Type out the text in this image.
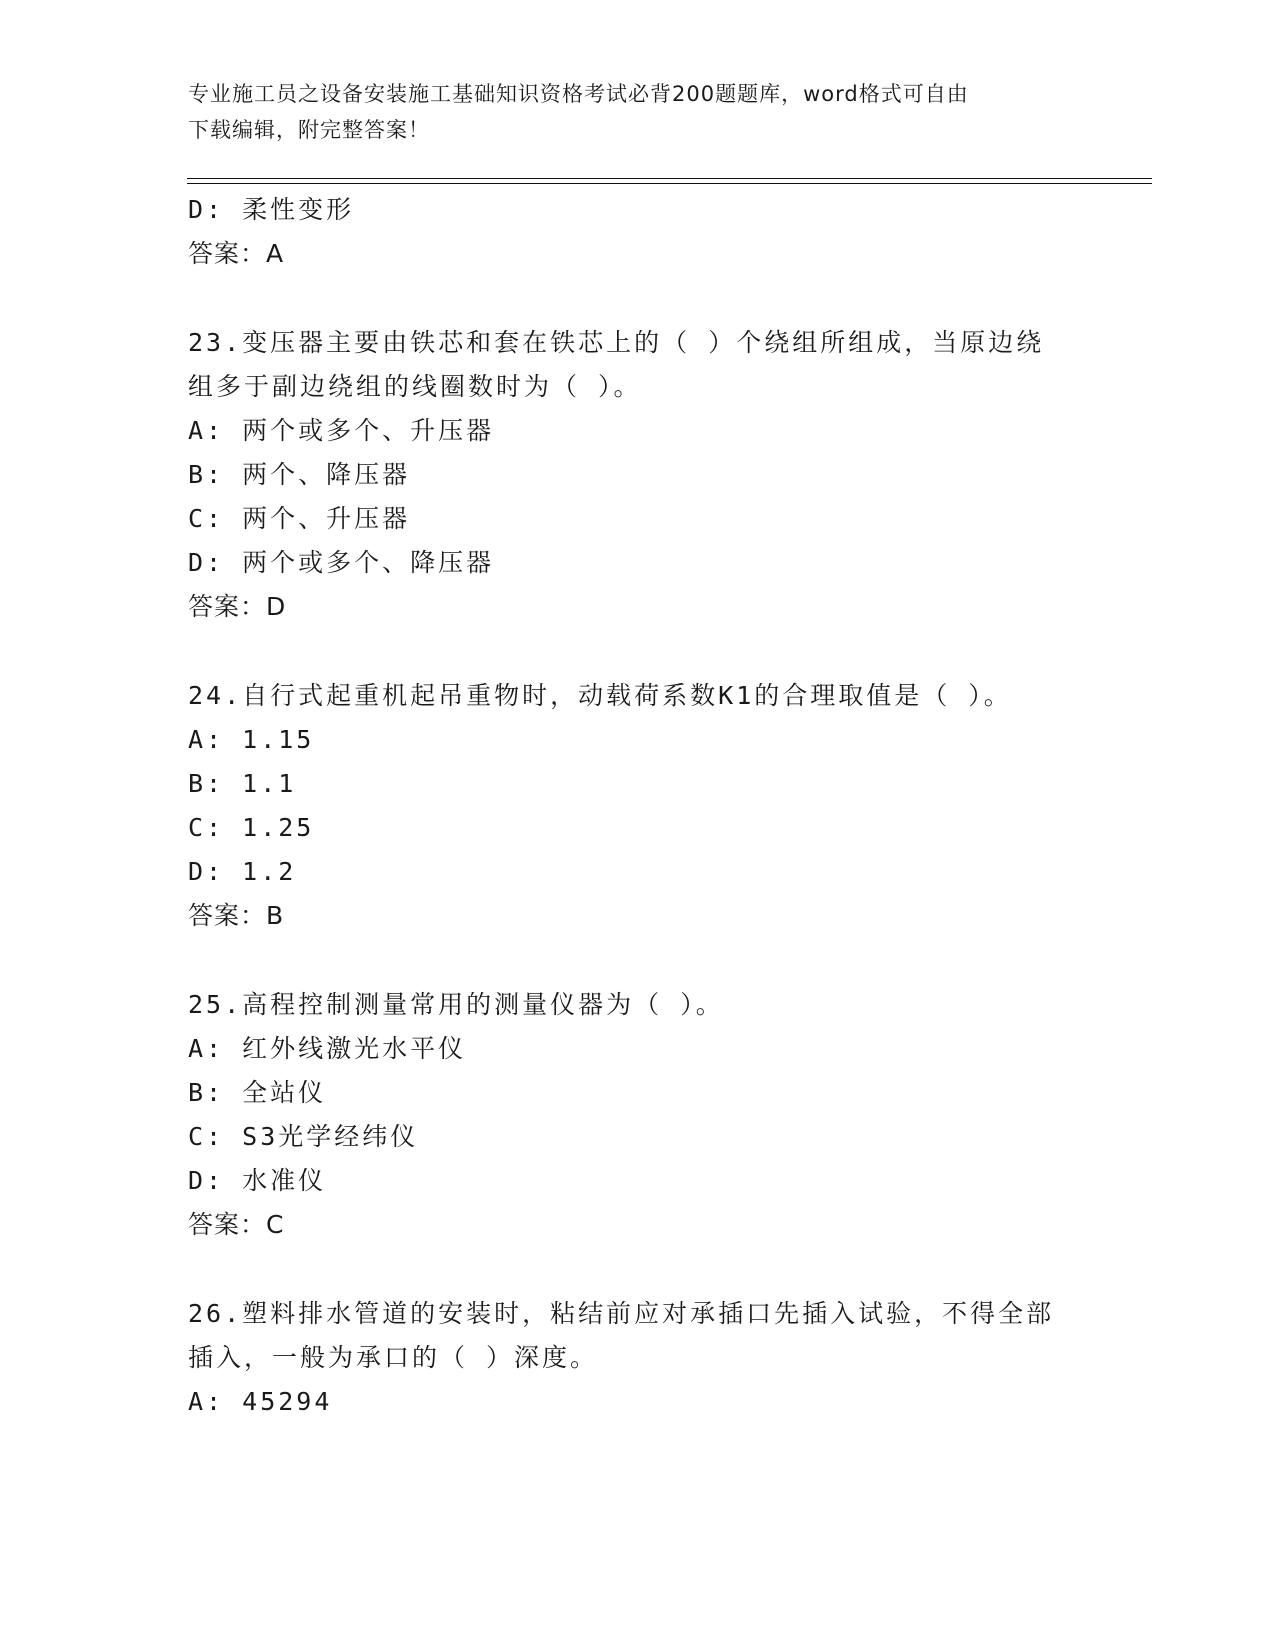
专业施工员之设备安装施工基础知识资格考试必背200题题库，word格式可自由
下载编辑，附完整答案！
D: 柔性变形
答案：A
23.变压器主要由铁芯和套在铁芯上的（ ）个绕组所组成，当原边绕
组多于副边绕组的线圈数时为（ ）。
A: 两个或多个、升压器
B: 两个、降压器
C: 两个、升压器
D: 两个或多个、降压器
答案：D
24.自行式起重机起吊重物时，动载荷系数K1的合理取值是（ ）。
A: 1.15
B: 1.1
C: 1.25
D: 1.2
答案：B
25.高程控制测量常用的测量仪器为（ ）。
A: 红外线激光水平仪
B: 全站仪
C: S3光学经纬仪
D: 水准仪
答案：C
26.塑料排水管道的安装时，粘结前应对承插口先插入试验，不得全部
插入，一般为承口的（ ）深度。
A: 45294
